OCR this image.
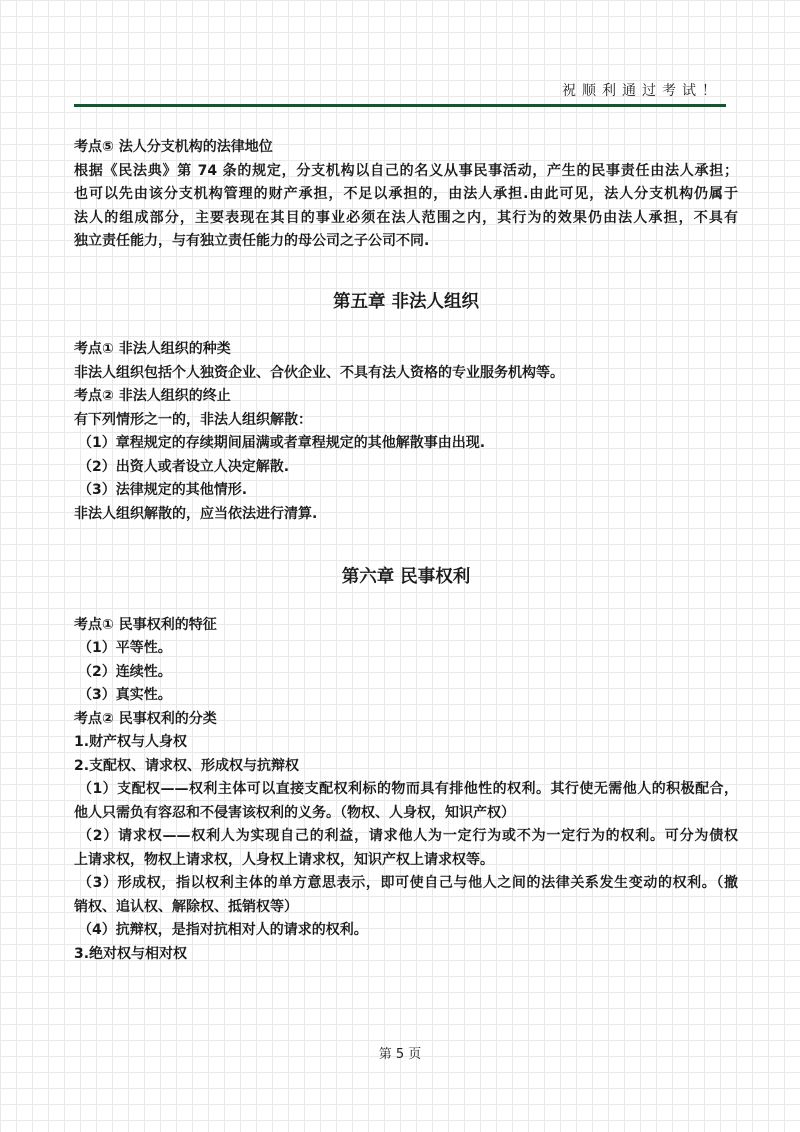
祝顺利通过考试！
考点⑤ 法人分支机构的法律地位
根据《民法典》第 74 条的规定，分支机构以自己的名义从事民事活动，产生的民事责任由法人承担；
也可以先由该分支机构管理的财产承担，不足以承担的，由法人承担.由此可见，法人分支机构仍属于
法人的组成部分，主要表现在其目的事业必须在法人范围之内，其行为的效果仍由法人承担，不具有
独立责任能力，与有独立责任能力的母公司之子公司不同.
第五章 非法人组织
考点① 非法人组织的种类
非法人组织包括个人独资企业、合伙企业、不具有法人资格的专业服务机构等。
考点② 非法人组织的终止
有下列情形之一的，非法人组织解散：
（1）章程规定的存续期间届满或者章程规定的其他解散事由出现.
（2）出资人或者设立人决定解散.
（3）法律规定的其他情形.
非法人组织解散的，应当依法进行清算.
第六章 民事权利
考点① 民事权利的特征
（1）平等性。
（2）连续性。
（3）真实性。
考点② 民事权利的分类
1.财产权与人身权
2.支配权、请求权、形成权与抗辩权
（1）支配权——权利主体可以直接支配权利标的物而具有排他性的权利。其行使无需他人的积极配合，
他人只需负有容忍和不侵害该权利的义务。（物权、人身权，知识产权）
（2）请求权——权利人为实现自己的利益，请求他人为一定行为或不为一定行为的权利。可分为债权
上请求权，物权上请求权，人身权上请求权，知识产权上请求权等。
（3）形成权，指以权利主体的单方意思表示，即可使自己与他人之间的法律关系发生变动的权利。（撤
销权、追认权、解除权、抵销权等）
（4）抗辩权，是指对抗相对人的请求的权利。
3.绝对权与相对权
第 5 页
